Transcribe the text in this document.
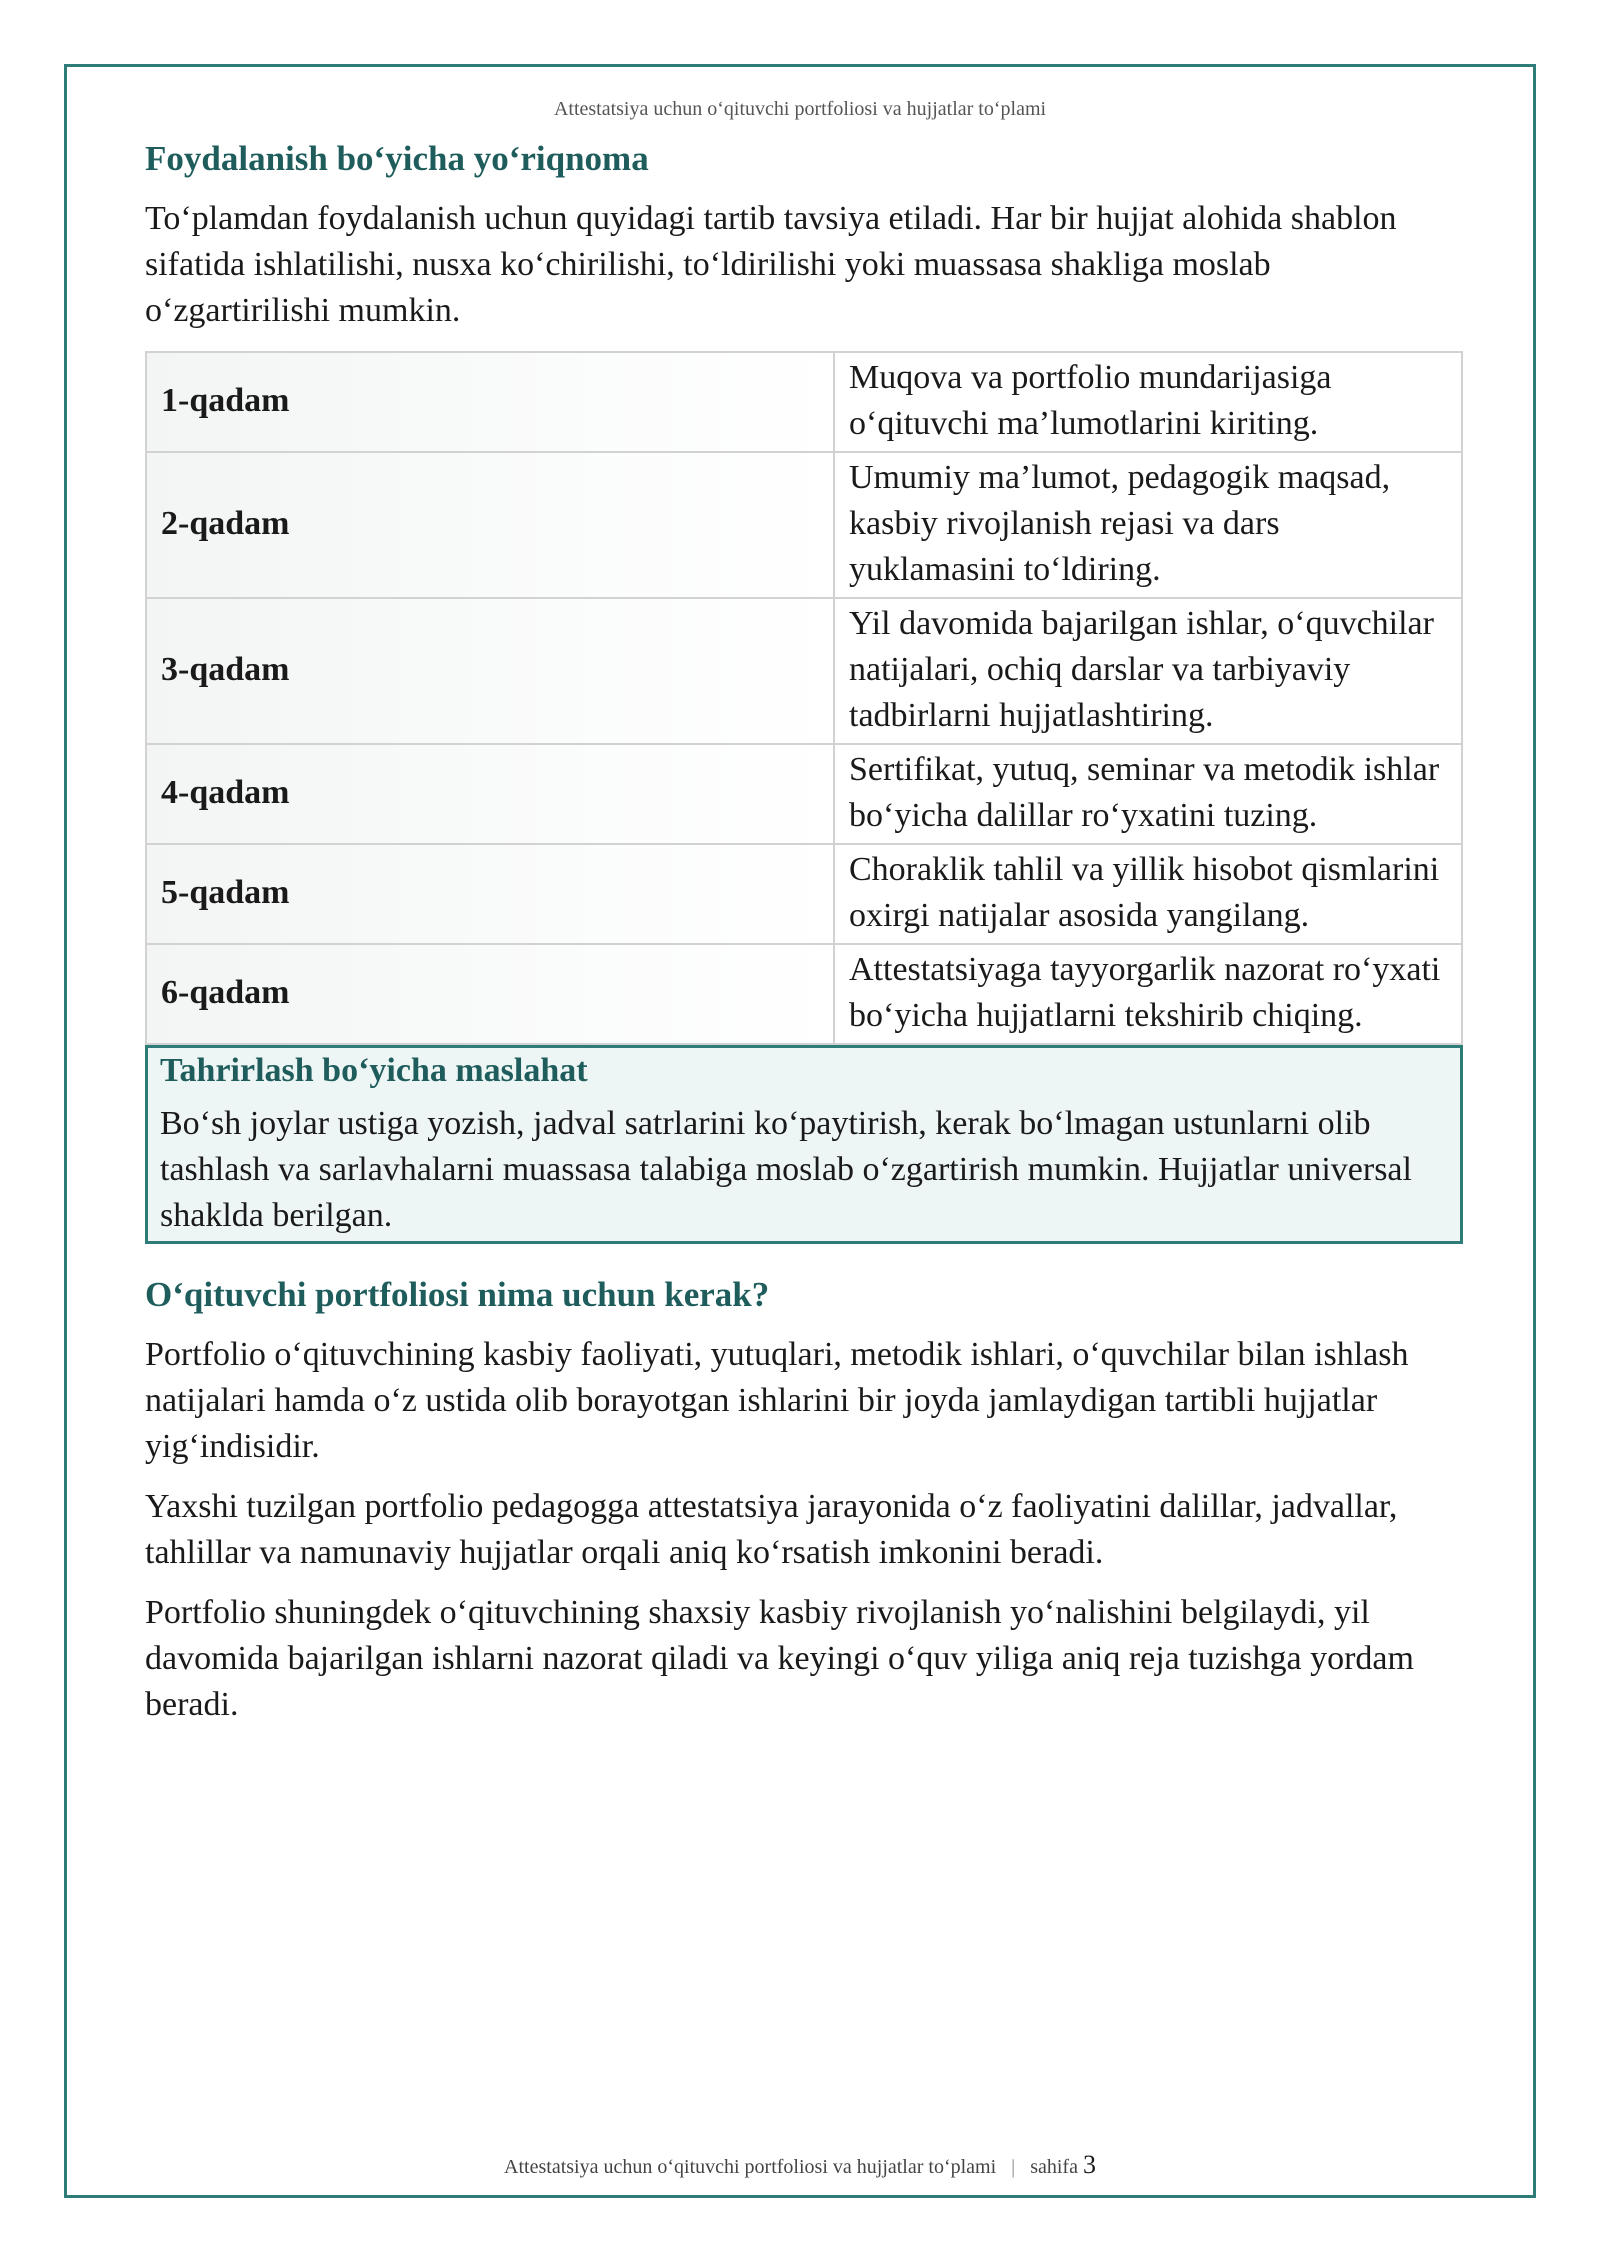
Attestatsiya uchun o‘qituvchi portfoliosi va hujjatlar to‘plami
Foydalanish bo‘yicha yo‘riqnoma

To‘plamdan foydalanish uchun quyidagi tartib tavsiya etiladi. Har bir hujjat alohida shablon sifatida ishlatilishi, nusxa ko‘chirilishi, to‘ldirilishi yoki muassasa shakliga moslab o‘zgartirilishi mumkin.

1-qadam	Muqova va portfolio mundarijasiga o‘qituvchi ma’lumotlarini kiriting.
2-qadam	Umumiy ma’lumot, pedagogik maqsad, kasbiy rivojlanish rejasi va dars yuklamasini to‘ldiring.
3-qadam	Yil davomida bajarilgan ishlar, o‘quvchilar natijalari, ochiq darslar va tarbiyaviy tadbirlarni hujjatlashtiring.
4-qadam	Sertifikat, yutuq, seminar va metodik ishlar bo‘yicha dalillar ro‘yxatini tuzing.
5-qadam	Choraklik tahlil va yillik hisobot qismlarini oxirgi natijalar asosida yangilang.
6-qadam	Attestatsiyaga tayyorgarlik nazorat ro‘yxati bo‘yicha hujjatlarni tekshirib chiqing.
Tahrirlash bo‘yicha maslahat

Bo‘sh joylar ustiga yozish, jadval satrlarini ko‘paytirish, kerak bo‘lmagan ustunlarni olib tashlash va sarlavhalarni muassasa talabiga moslab o‘zgartirish mumkin. Hujjatlar universal shaklda berilgan.

O‘qituvchi portfoliosi nima uchun kerak?

Portfolio o‘qituvchining kasbiy faoliyati, yutuqlari, metodik ishlari, o‘quvchilar bilan ishlash natijalari hamda o‘z ustida olib borayotgan ishlarini bir joyda jamlaydigan tartibli hujjatlar yig‘indisidir.

Yaxshi tuzilgan portfolio pedagogga attestatsiya jarayonida o‘z faoliyatini dalillar, jadvallar, tahlillar va namunaviy hujjatlar orqali aniq ko‘rsatish imkonini beradi.

Portfolio shuningdek o‘qituvchining shaxsiy kasbiy rivojlanish yo‘nalishini belgilaydi, yil davomida bajarilgan ishlarni nazorat qiladi va keyingi o‘quv yiliga aniq reja tuzishga yordam beradi.

Attestatsiya uchun o‘qituvchi portfoliosi va hujjatlar to‘plami | sahifa 3
